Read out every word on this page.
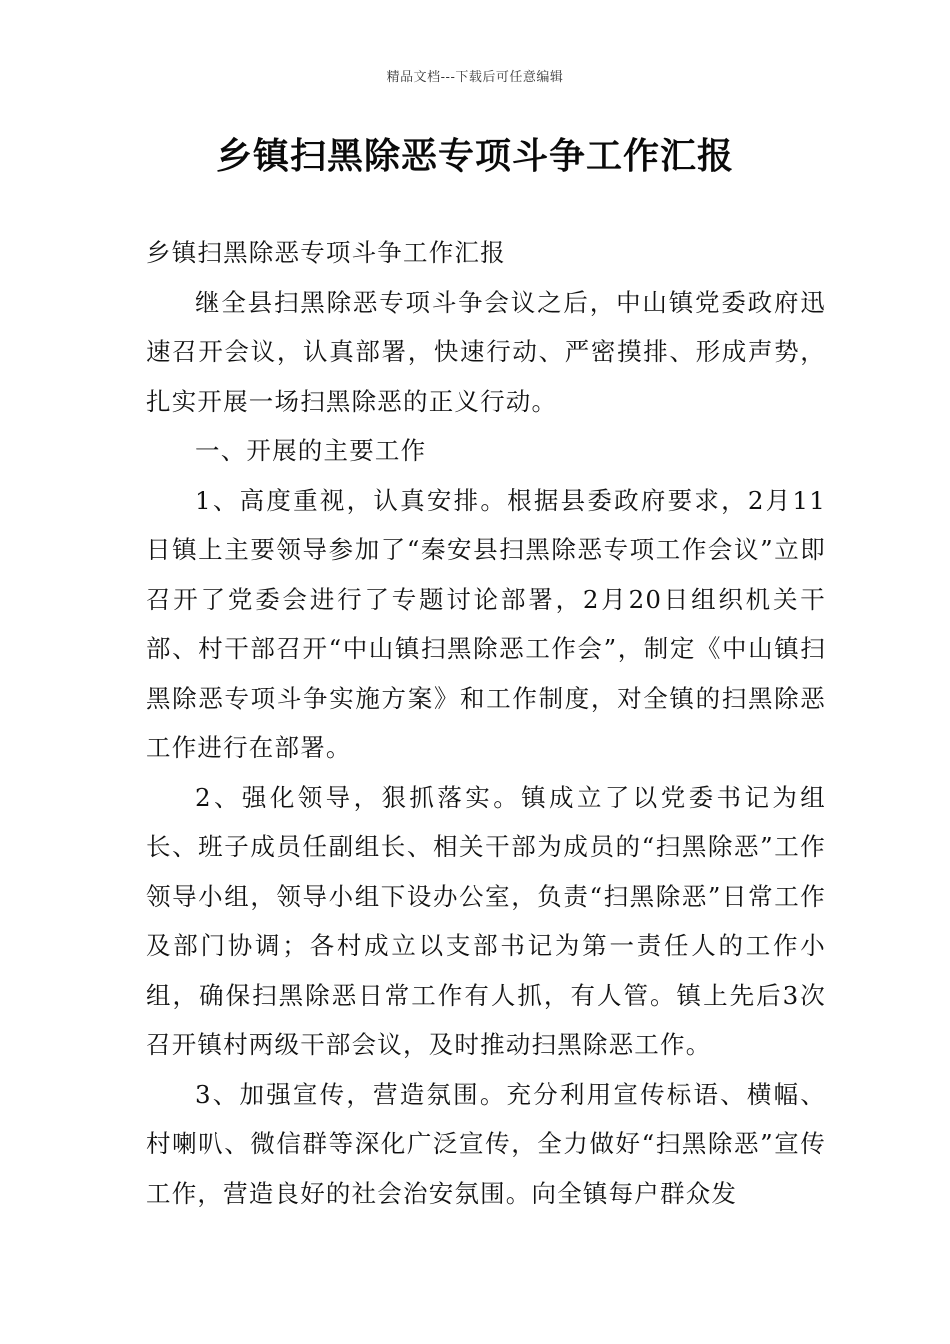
精品文档---下载后可任意编辑
乡镇扫黑除恶专项斗争工作汇报

乡镇扫黑除恶专项斗争工作汇报

继全县扫黑除恶专项斗争会议之后，中山镇党委政府迅速召开会议，认真部署，快速行动、严密摸排、形成声势，扎实开展一场扫黑除恶的正义行动。

一、开展的主要工作

1、高度重视，认真安排。根据县委政府要求，2月11日镇上主要领导参加了“秦安县扫黑除恶专项工作会议”立即召开了党委会进行了专题讨论部署，2月20日组织机关干部、村干部召开“中山镇扫黑除恶工作会”，制定《中山镇扫黑除恶专项斗争实施方案》和工作制度，对全镇的扫黑除恶工作进行在部署。

2、强化领导，狠抓落实。镇成立了以党委书记为组长、班子成员任副组长、相关干部为成员的“扫黑除恶”工作领导小组，领导小组下设办公室，负责“扫黑除恶”日常工作及部门协调；各村成立以支部书记为第一责任人的工作小组，确保扫黑除恶日常工作有人抓，有人管。镇上先后3次召开镇村两级干部会议，及时推动扫黑除恶工作。

3、加强宣传，营造氛围。充分利用宣传标语、横幅、村喇叭、微信群等深化广泛宣传，全力做好“扫黑除恶”宣传工作，营造良好的社会治安氛围。向全镇每户群众发
